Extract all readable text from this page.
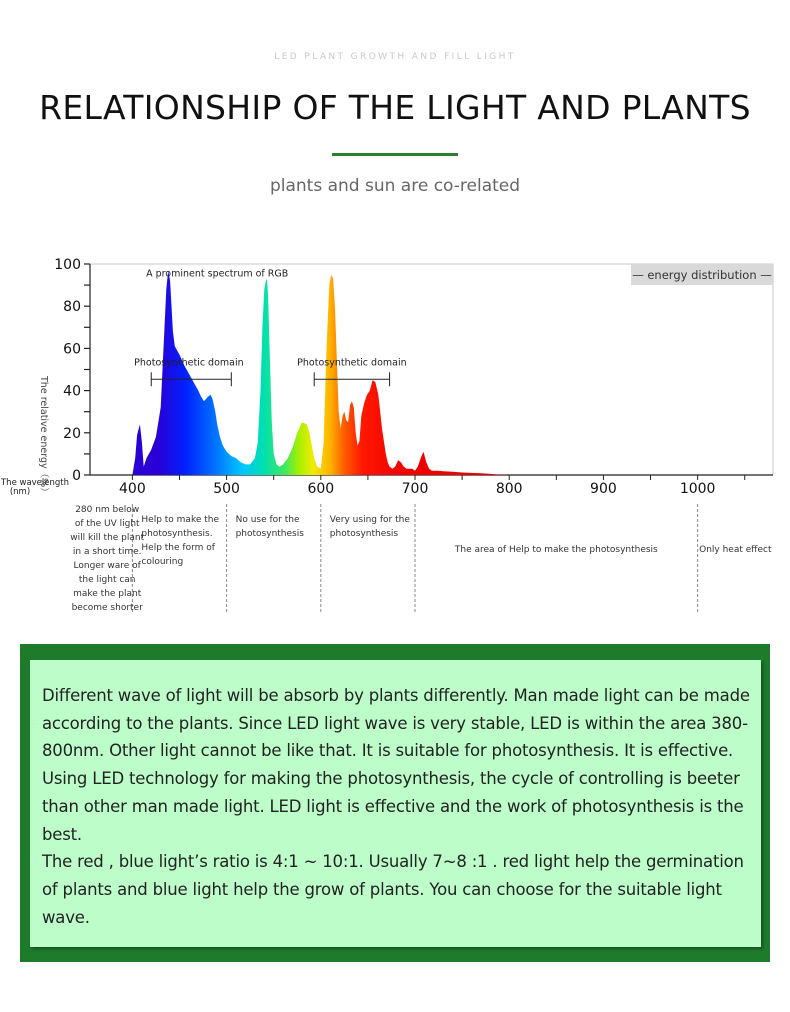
LED PLANT GROWTH AND FILL LIGHT
RELATIONSHIP OF THE LIGHT AND PLANTS
plants and sun are co-related
0
20
40
60
80
100
400	500	600	700	800	900	1000
A prominent spectrum of RGB
Photosynthetic domain	Photosynthetic domain
— energy distribution —
The relative energy（%）
The wavelength
(nm)
280 nm below
of the UV light
will kill the plant
in a short time.
Longer ware of
the light can
make the plant
become shorter
Help to make the
photosynthesis.
Help the form of
colouring
No use for the
photosynthesis
Very using for the
photosynthesis
The area of Help to make the photosynthesis	Only heat effect

Different wave of light will be absorb by plants differently. Man made light can be made according to the plants. Since LED light wave is very stable, LED is within the area 380-800nm. Other light cannot be like that. It is suitable for photosynthesis. It is effective. Using LED technology for making the photosynthesis, the cycle of controlling is beeter than other man made light. LED light is effective and the work of photosynthesis is the best.

The red , blue light’s ratio is 4:1 ~ 10:1. Usually 7~8 :1 . red light help the germination of plants and blue light help the grow of plants. You can choose for the suitable light wave.
